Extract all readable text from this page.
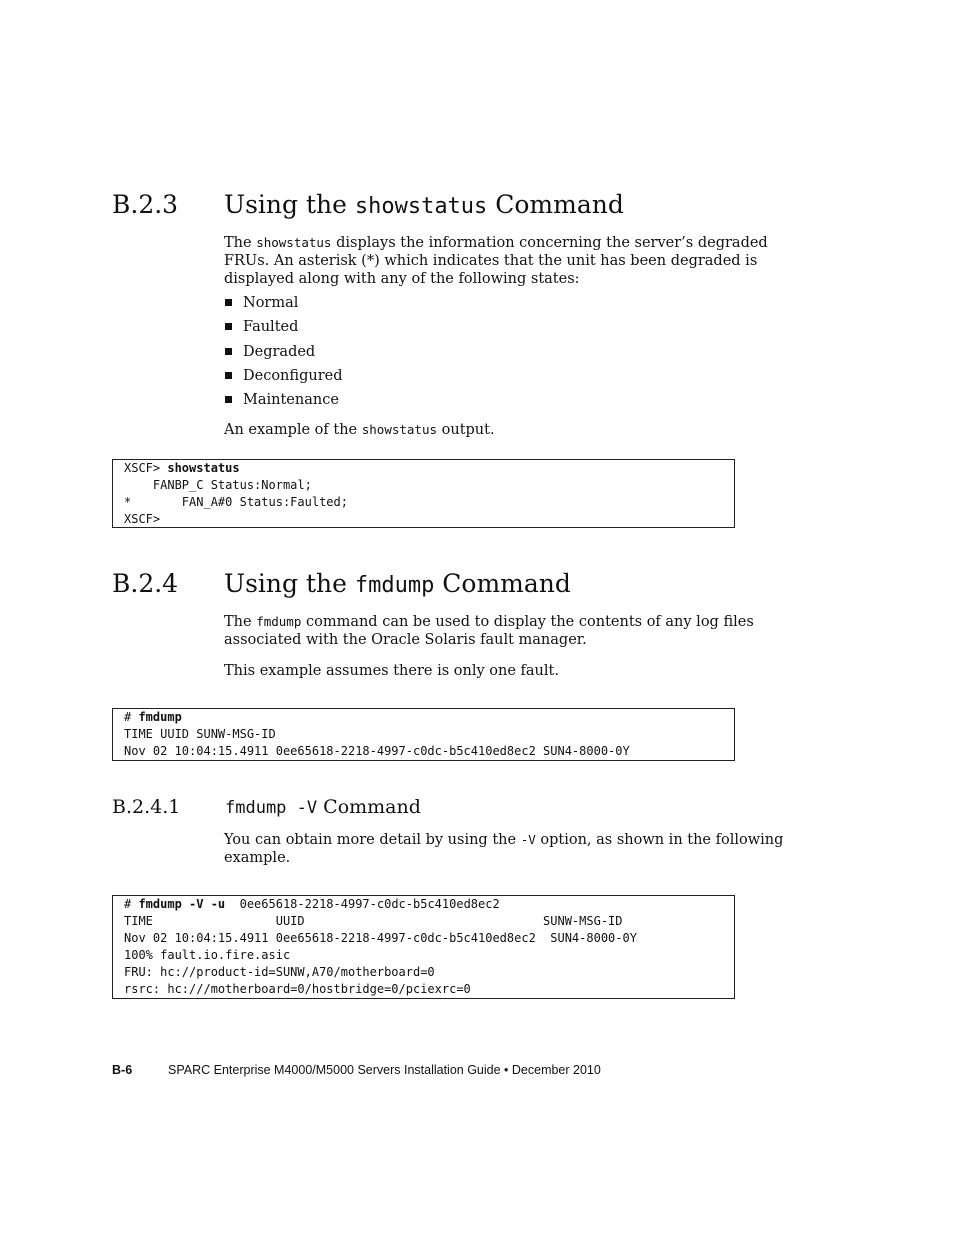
B.2.3 Using the showstatus Command
The showstatus displays the information concerning the server’s degraded FRUs. An asterisk (*) which indicates that the unit has been degraded is displayed along with any of the following states:
Normal
Faulted
Degraded
Deconfigured
Maintenance
An example of the showstatus output.
XSCF> showstatus
FANBP_C Status:Normal;
*       FAN_A#0 Status:Faulted;
XSCF>
B.2.4 Using the fmdump Command
The fmdump command can be used to display the contents of any log files associated with the Oracle Solaris fault manager.
This example assumes there is only one fault.
# fmdump
TIME UUID SUNW-MSG-ID
Nov 02 10:04:15.4911 0ee65618-2218-4997-c0dc-b5c410ed8ec2 SUN4-8000-0Y
B.2.4.1	fmdump -V Command
You can obtain more detail by using the -V option, as shown in the following example.
# fmdump -V -u  0ee65618-2218-4997-c0dc-b5c410ed8ec2
TIME                 UUID                                 SUNW-MSG-ID
Nov 02 10:04:15.4911 0ee65618-2218-4997-c0dc-b5c410ed8ec2  SUN4-8000-0Y
100% fault.io.fire.asic
FRU: hc://product-id=SUNW,A70/motherboard=0
rsrc: hc:///motherboard=0/hostbridge=0/pciexrc=0
B-6	SPARC Enterprise M4000/M5000 Servers Installation Guide • December 2010
